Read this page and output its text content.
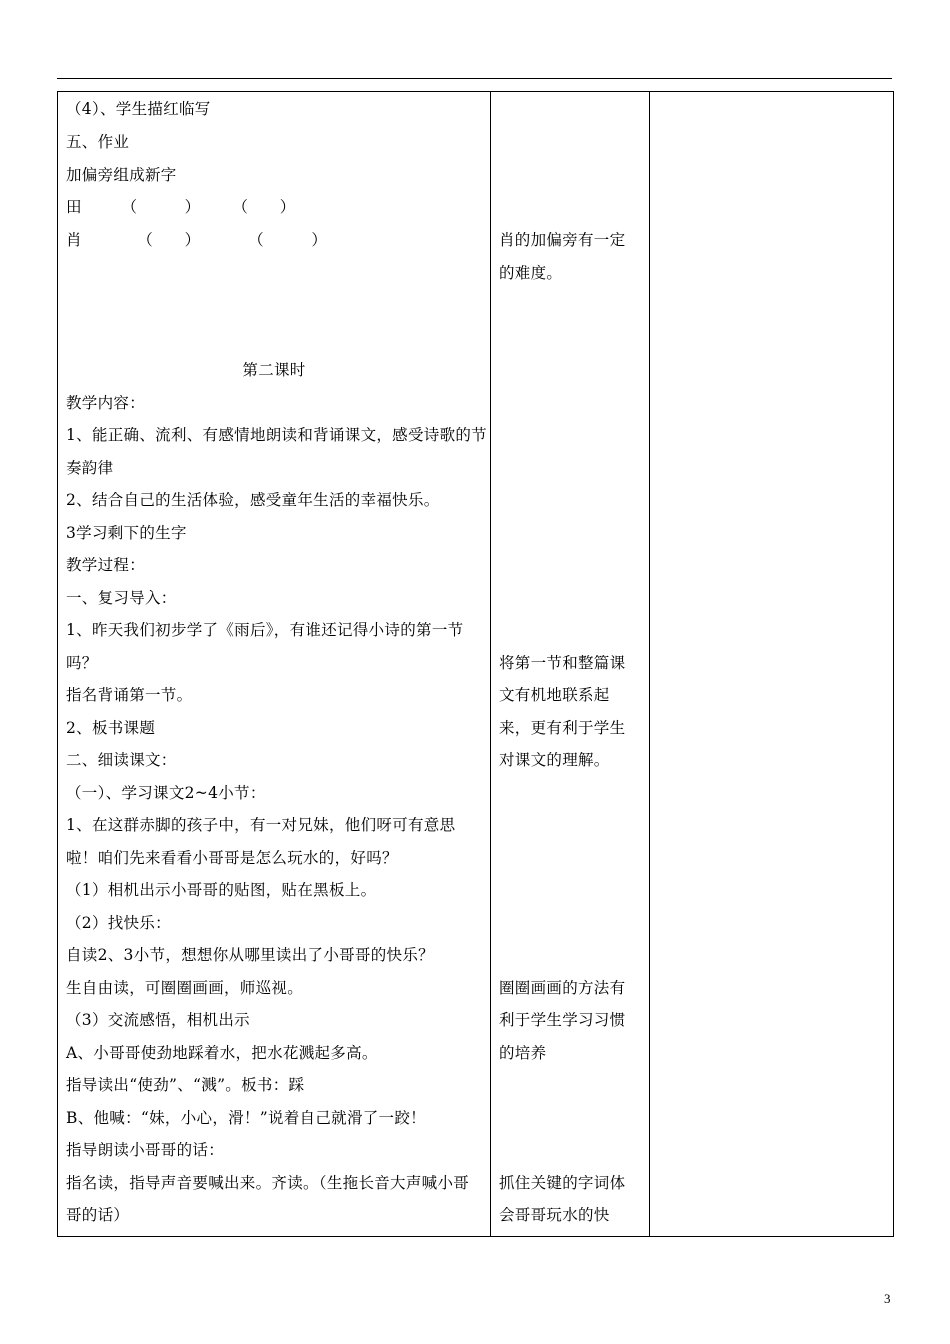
（4）、学生描红临写
五、作业
加偏旁组成新字
田　　　（　　　）　　　（　　）
肖　　　　（　　）　　　　（　　　）
第二课时
教学内容：
1、能正确、流利、有感情地朗读和背诵课文，感受诗歌的节
奏韵律
2、结合自己的生活体验，感受童年生活的幸福快乐。
3学习剩下的生字
教学过程：
一、复习导入：
1、昨天我们初步学了《雨后》，有谁还记得小诗的第一节
吗？
指名背诵第一节。
2、板书课题
二、细读课文：
（一）、学习课文2~4小节：
1、在这群赤脚的孩子中，有一对兄妹，他们呀可有意思
啦！咱们先来看看小哥哥是怎么玩水的，好吗？
（1）相机出示小哥哥的贴图，贴在黑板上。
（2）找快乐：
自读2、3小节，想想你从哪里读出了小哥哥的快乐？
生自由读，可圈圈画画，师巡视。
（3）交流感悟，相机出示
A、小哥哥使劲地踩着水，把水花溅起多高。
指导读出“使劲”、“溅”。板书：踩
B、他喊：“妹，小心，滑！”说着自己就滑了一跤！
指导朗读小哥哥的话：
指名读，指导声音要喊出来。齐读。（生拖长音大声喊小哥
哥的话）

肖的加偏旁有一定
的难度。
将第一节和整篇课
文有机地联系起
来，更有利于学生
对课文的理解。
圈圈画画的方法有
利于学生学习习惯
的培养
抓住关键的字词体
会哥哥玩水的快

3
